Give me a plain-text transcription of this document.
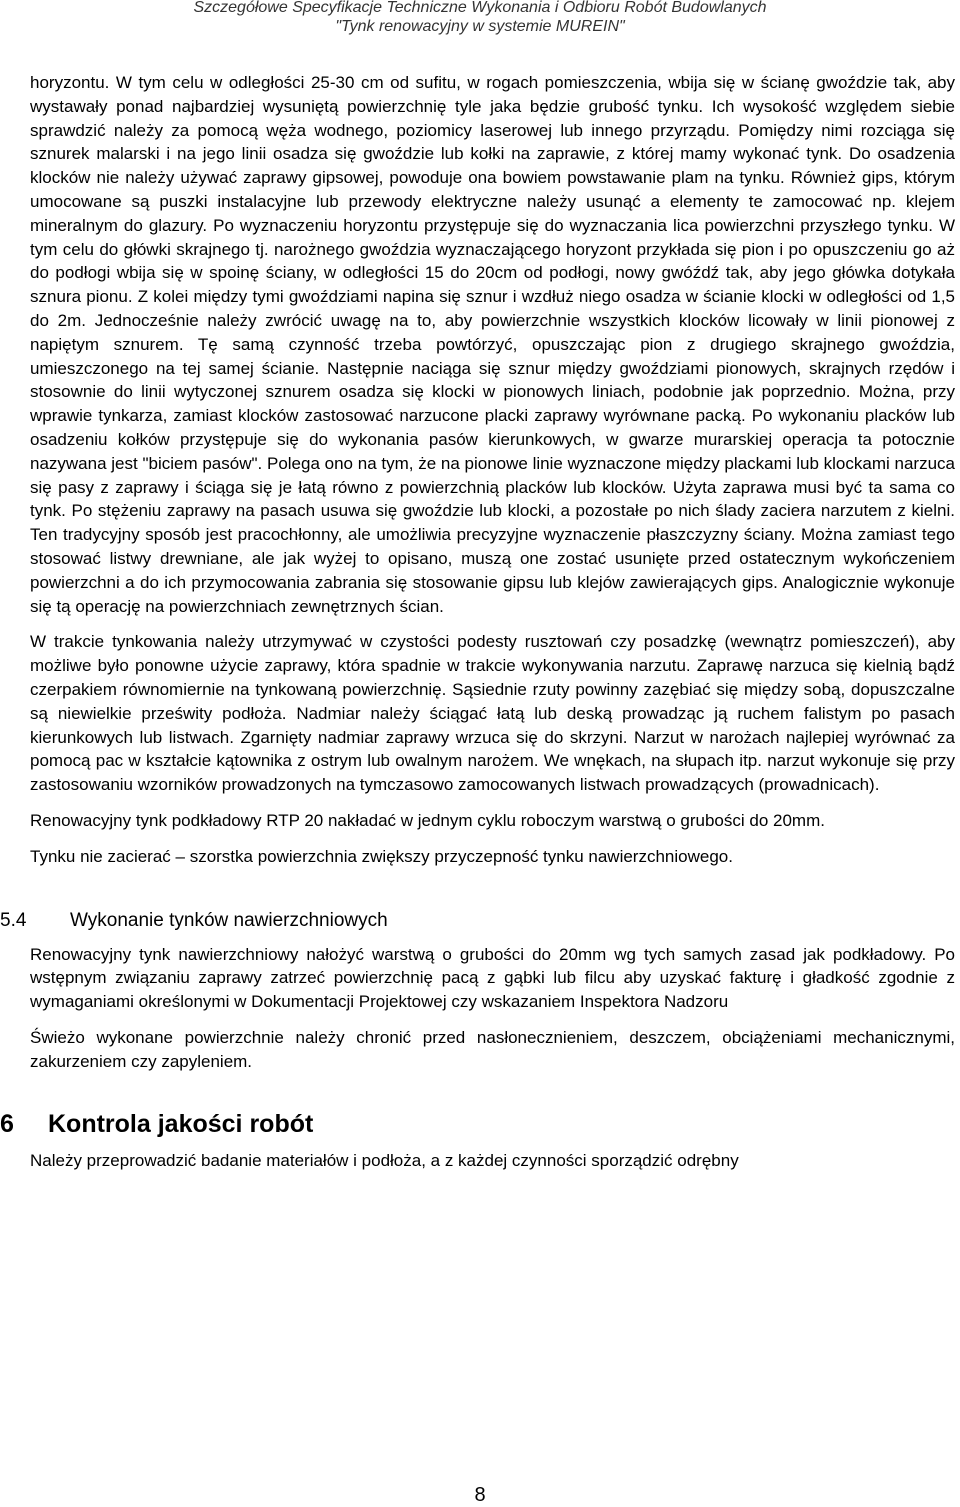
Szczegółowe Specyfikacje Techniczne Wykonania i Odbioru Robót Budowlanych
"Tynk renowacyjny w systemie MUREIN"

horyzontu. W tym celu w odległości 25-30 cm od sufitu, w rogach pomieszczenia, wbija się w ścianę gwoździe tak, aby wystawały ponad najbardziej wysuniętą powierzchnię tyle jaka będzie grubość tynku. Ich wysokość względem siebie sprawdzić należy za pomocą węża wodnego, poziomicy laserowej lub innego przyrządu. Pomiędzy nimi rozciąga się sznurek malarski i na jego linii osadza się gwoździe lub kołki na zaprawie, z której mamy wykonać tynk. Do osadzenia klocków nie należy używać zaprawy gipsowej, powoduje ona bowiem powstawanie plam na tynku. Również gips, którym umocowane są puszki instalacyjne lub przewody elektryczne należy usunąć a elementy te zamocować np. klejem mineralnym do glazury. Po wyznaczeniu horyzontu przystępuje się do wyznaczania lica powierzchni przyszłego tynku. W tym celu do główki skrajnego tj. narożnego gwoździa wyznaczającego horyzont przykłada się pion i po opuszczeniu go aż do podłogi wbija się w spoinę ściany, w odległości 15 do 20cm od podłogi, nowy gwóźdź tak, aby jego główka dotykała sznura pionu. Z kolei między tymi gwoździami napina się sznur i wzdłuż niego osadza w ścianie klocki w odległości od 1,5 do 2m. Jednocześnie należy zwrócić uwagę na to, aby powierzchnie wszystkich klocków licowały w linii pionowej z napiętym sznurem. Tę samą czynność trzeba powtórzyć, opuszczając pion z drugiego skrajnego gwoździa, umieszczonego na tej samej ścianie. Następnie naciąga się sznur między gwoździami pionowych, skrajnych rzędów i stosownie do linii wytyczonej sznurem osadza się klocki w pionowych liniach, podobnie jak poprzednio. Można, przy wprawie tynkarza, zamiast klocków zastosować narzucone placki zaprawy wyrównane packą. Po wykonaniu placków lub osadzeniu kołków przystępuje się do wykonania pasów kierunkowych, w gwarze murarskiej operacja ta potocznie nazywana jest "biciem pasów". Polega ono na tym, że na pionowe linie wyznaczone między plackami lub klockami narzuca się pasy z zaprawy i ściąga się je łatą równo z powierzchnią placków lub klocków. Użyta zaprawa musi być ta sama co tynk. Po stężeniu zaprawy na pasach usuwa się gwoździe lub klocki, a pozostałe po nich ślady zaciera narzutem z kielni. Ten tradycyjny sposób jest pracochłonny, ale umożliwia precyzyjne wyznaczenie płaszczyzny ściany. Można zamiast tego stosować listwy drewniane, ale jak wyżej to opisano, muszą one zostać usunięte przed ostatecznym wykończeniem powierzchni a do ich przymocowania zabrania się stosowanie gipsu lub klejów zawierających gips. Analogicznie wykonuje się tą operację na powierzchniach zewnętrznych ścian.

W trakcie tynkowania należy utrzymywać w czystości podesty rusztowań czy posadzkę (wewnątrz pomieszczeń), aby możliwe było ponowne użycie zaprawy, która spadnie w trakcie wykonywania narzutu. Zaprawę narzuca się kielnią bądź czerpakiem równomiernie na tynkowaną powierzchnię. Sąsiednie rzuty powinny zazębiać się między sobą, dopuszczalne są niewielkie prześwity podłoża. Nadmiar należy ściągać łatą lub deską prowadząc ją ruchem falistym po pasach kierunkowych lub listwach. Zgarnięty nadmiar zaprawy wrzuca się do skrzyni. Narzut w narożach najlepiej wyrównać za pomocą pac w kształcie kątownika z ostrym lub owalnym narożem. We wnękach, na słupach itp. narzut wykonuje się przy zastosowaniu wzorników prowadzonych na tymczasowo zamocowanych listwach prowadzących (prowadnicach).

Renowacyjny tynk podkładowy RTP 20 nakładać w jednym cyklu roboczym warstwą o grubości do 20mm.

Tynku nie zacierać – szorstka powierzchnia zwiększy przyczepność tynku nawierzchniowego.

5.4	Wykonanie tynków nawierzchniowych

Renowacyjny tynk nawierzchniowy nałożyć warstwą o grubości do 20mm wg tych samych zasad jak podkładowy. Po wstępnym związaniu zaprawy zatrzeć powierzchnię pacą z gąbki lub filcu aby uzyskać fakturę i gładkość zgodnie z wymaganiami określonymi w Dokumentacji Projektowej czy wskazaniem Inspektora Nadzoru

Świeżo wykonane powierzchnie należy chronić przed nasłonecznieniem, deszczem, obciążeniami mechanicznymi, zakurzeniem czy zapyleniem.

6	Kontrola jakości robót

Należy przeprowadzić badanie materiałów i podłoża, a z każdej czynności sporządzić odrębny

8
